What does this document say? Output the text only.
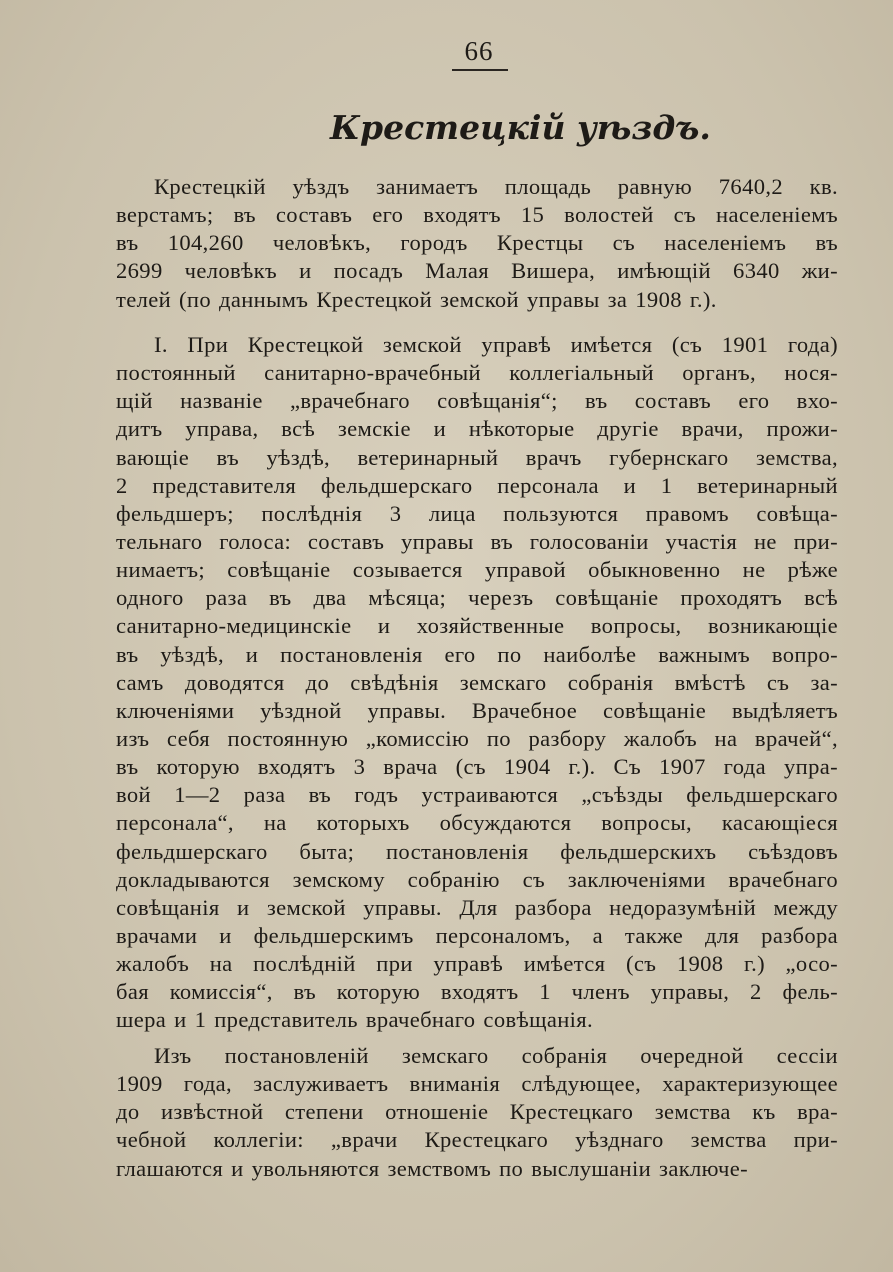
66
Крестецкій уѣздъ.
Крестецкій уѣздъ занимаетъ площадь равную 7640,2 кв.
верстамъ; въ составъ его входятъ 15 волостей съ населеніемъ
въ 104,260 человѣкъ, городъ Крестцы съ населеніемъ въ
2699 человѣкъ и посадъ Малая Вишера, имѣющій 6340 жи-
телей (по даннымъ Крестецкой земской управы за 1908 г.).
I. При Крестецкой земской управѣ имѣется (съ 1901 года)
постоянный санитарно-врачебный коллегіальный органъ, нося-
щій названіе „врачебнаго совѣщанія“; въ составъ его вхо-
дитъ управа, всѣ земскіе и нѣкоторые другіе врачи, прожи-
вающіе въ уѣздѣ, ветеринарный врачъ губернскаго земства,
2 представителя фельдшерскаго персонала и 1 ветеринарный
фельдшеръ; послѣднія 3 лица пользуются правомъ совѣща-
тельнаго голоса: составъ управы въ голосованіи участія не при-
нимаетъ; совѣщаніе созывается управой обыкновенно не рѣже
одного раза въ два мѣсяца; черезъ совѣщаніе проходятъ всѣ
санитарно-медицинскіе и хозяйственные вопросы, возникающіе
въ уѣздѣ, и постановленія его по наиболѣе важнымъ вопро-
самъ доводятся до свѣдѣнія земскаго собранія вмѣстѣ съ за-
ключеніями уѣздной управы. Врачебное совѣщаніе выдѣляетъ
изъ себя постоянную „комиссію по разбору жалобъ на врачей“,
въ которую входятъ 3 врача (съ 1904 г.). Съ 1907 года упра-
вой 1—2 раза въ годъ устраиваются „съѣзды фельдшерскаго
персонала“, на которыхъ обсуждаются вопросы, касающіеся
фельдшерскаго быта; постановленія фельдшерскихъ съѣздовъ
докладываются земскому собранію съ заключеніями врачебнаго
совѣщанія и земской управы. Для разбора недоразумѣній между
врачами и фельдшерскимъ персоналомъ, а также для разбора
жалобъ на послѣдній при управѣ имѣется (съ 1908 г.) „осо-
бая комиссія“, въ которую входятъ 1 членъ управы, 2 фель-
шера и 1 представитель врачебнаго совѣщанія.
Изъ постановленій земскаго собранія очередной сессіи
1909 года, заслуживаетъ вниманія слѣдующее, характеризующее
до извѣстной степени отношеніе Крестецкаго земства къ вра-
чебной коллегіи: „врачи Крестецкаго уѣзднаго земства при-
глашаются и увольняются земствомъ по выслушаніи заключе-
